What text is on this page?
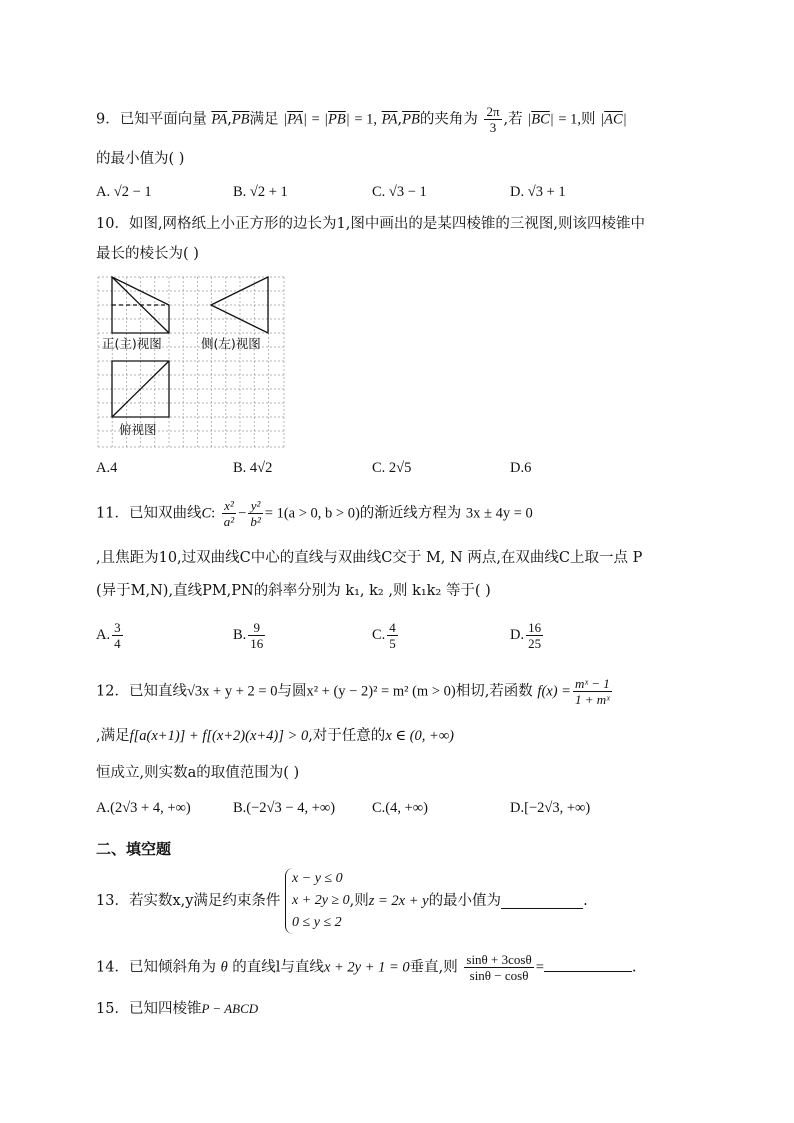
9．已知平面向量 $\overline{PA},\overline{PB}$满足 $|\overline{PA}| = |\overline{PB}| = 1$, $\overline{PA},\overline{PB}$的夹角为 $\frac{2\pi}{3}$ ,若 $|\overline{BC}| = 1$,则 $|\overline{AC}|$
的最小值为( )
A. √2 − 1	B. √2 + 1	C. √3 − 1	D. √3 + 1
10．如图,网格纸上小正方形的边长为1,图中画出的是某四棱锥的三视图,则该四棱锥中
最长的棱长为( )
正(主)视图	侧(左)视图
俯视图
A.4	B. 4√2	C. 2√5	D.6
11．已知双曲线C: $\frac{\text{x²}}{\text{a²}} - \frac{\text{y²}}{\text{b²}} = 1(a > 0$, b > 0)的渐近线方程为 3x ± 4y = 0
,且焦距为10,过双曲线C中心的直线与双曲线C交于 M, N 两点,在双曲线C上取一点 P
(异于M,N),直线PM,PN的斜率分别为 k₁, k₂ ,则 k₁k₂ 等于( )
A. $\frac{3}{4}$	B. $\frac{9}{16}$	C. $\frac{4}{5}$	D. $\frac{16}{25}$
12．已知直线√3x + y + 2 = 0与圆x² + (y − 2)² = m² (m > 0)相切,若函数 $f(x) = \frac{\text{mˣ − 1}}{\text{1 + mˣ}}$
,满足f[a(x+1)] + f[(x+2)(x+4)] > 0,对于任意的x ∈ (0, +∞)
恒成立,则实数a的取值范围为( )
A.(2√3 + 4, +∞)	B.(−2√3 − 4, +∞)	C.(4, +∞)	D.[−2√3, +∞)
二、填空题
13．若实数x,y满足约束条件
x − y ≤ 0
x + 2y ≥ 0
0 ≤ y ≤ 2
,则z = 2x + y的最小值为	.
14．已知倾斜角为 θ 的直线l与直线x + 2y + 1 = 0垂直,则 $\frac{\sin\theta + 3\cos\theta}{\sin\theta - \cos\theta}$ =	.
15．已知四棱锥P − ABCD
